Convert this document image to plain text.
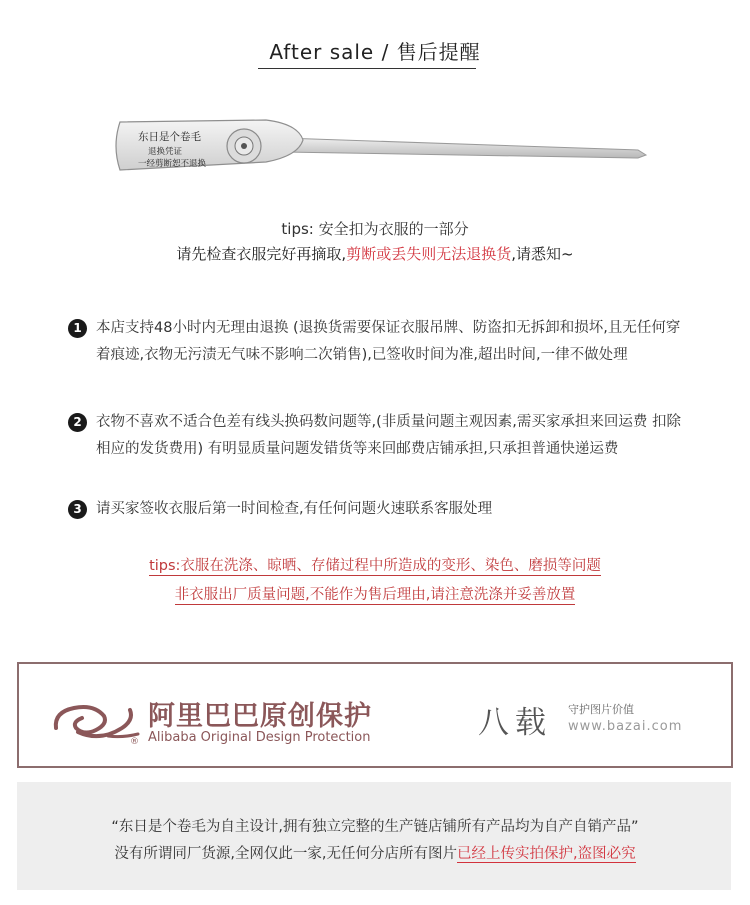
After sale / 售后提醒
东日是个卷毛
退换凭证
一经剪断恕不退换
tips: 安全扣为衣服的一部分
请先检查衣服完好再摘取,剪断或丢失则无法退换货,请悉知~
1 本店支持48小时内无理由退换 (退换货需要保证衣服吊牌、防盗扣无拆卸和损坏,且无任何穿着痕迹,衣物无污渍无气味不影响二次销售),已签收时间为准,超出时间,一律不做处理
2 衣物不喜欢不适合色差有线头换码数问题等,(非质量问题主观因素,需买家承担来回运费 扣除相应的发货费用) 有明显质量问题发错货等来回邮费店铺承担,只承担普通快递运费
3 请买家签收衣服后第一时间检查,有任何问题火速联系客服处理
tips:衣服在洗涤、晾晒、存储过程中所造成的变形、染色、磨损等问题
非衣服出厂质量问题,不能作为售后理由,请注意洗涤并妥善放置
®
阿里巴巴原创保护
Alibaba Original Design Protection	八载 守护图片价值
www.bazai.com
“东日是个卷毛为自主设计,拥有独立完整的生产链店铺所有产品均为自产自销产品”
没有所谓同厂货源,全网仅此一家,无任何分店所有图片已经上传实拍保护,盗图必究
